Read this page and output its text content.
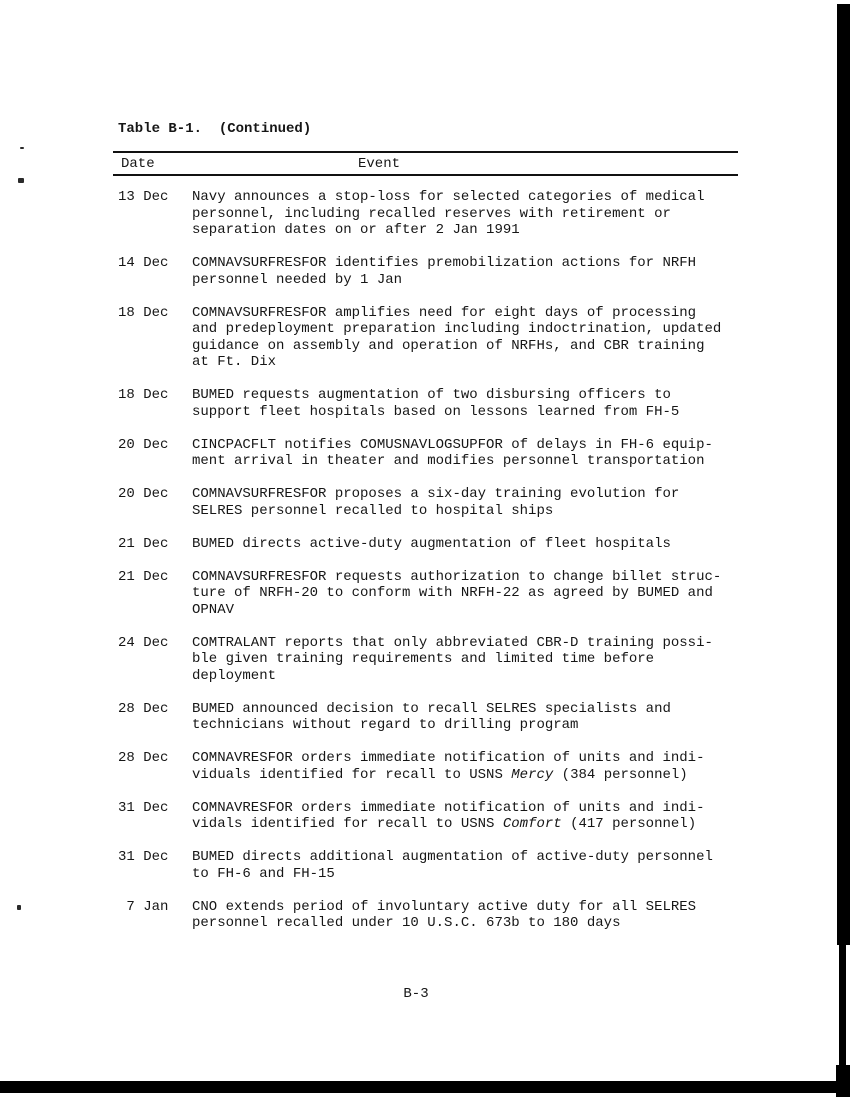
Table B-1.  (Continued)
Date	Event
13 Dec	Navy announces a stop-loss for selected categories of medical
personnel, including recalled reserves with retirement or
separation dates on or after 2 Jan 1991
14 Dec	COMNAVSURFRESFOR identifies premobilization actions for NRFH
personnel needed by 1 Jan
18 Dec	COMNAVSURFRESFOR amplifies need for eight days of processing
and predeployment preparation including indoctrination, updated
guidance on assembly and operation of NRFHs, and CBR training
at Ft. Dix
18 Dec	BUMED requests augmentation of two disbursing officers to
support fleet hospitals based on lessons learned from FH-5
20 Dec	CINCPACFLT notifies COMUSNAVLOGSUPFOR of delays in FH-6 equip-
ment arrival in theater and modifies personnel transportation
20 Dec	COMNAVSURFRESFOR proposes a six-day training evolution for
SELRES personnel recalled to hospital ships
21 Dec	BUMED directs active-duty augmentation of fleet hospitals
21 Dec	COMNAVSURFRESFOR requests authorization to change billet struc-
ture of NRFH-20 to conform with NRFH-22 as agreed by BUMED and
OPNAV
24 Dec	COMTRALANT reports that only abbreviated CBR-D training possi-
ble given training requirements and limited time before
deployment
28 Dec	BUMED announced decision to recall SELRES specialists and
technicians without regard to drilling program
28 Dec	COMNAVRESFOR orders immediate notification of units and indi-
viduals identified for recall to USNS Mercy (384 personnel)
31 Dec	COMNAVRESFOR orders immediate notification of units and indi-
vidals identified for recall to USNS Comfort (417 personnel)
31 Dec	BUMED directs additional augmentation of active-duty personnel
to FH-6 and FH-15
7 Jan	CNO extends period of involuntary active duty for all SELRES
personnel recalled under 10 U.S.C. 673b to 180 days
B-3
